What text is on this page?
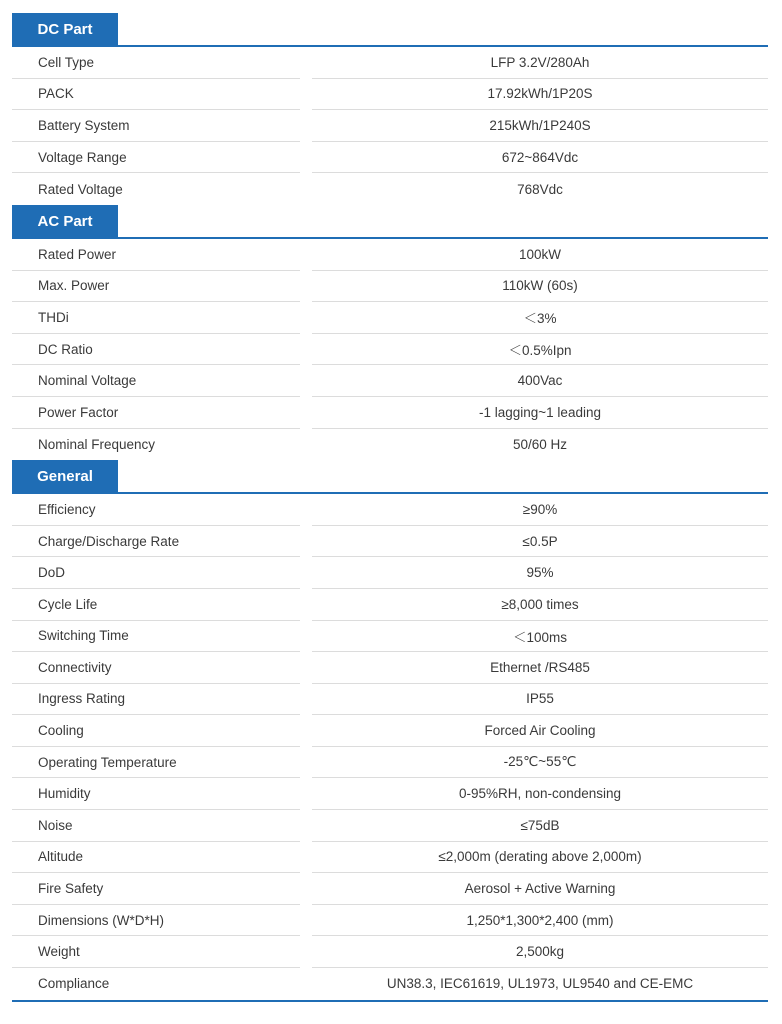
DC Part
Cell Type	LFP 3.2V/280Ah
PACK	17.92kWh/1P20S
Battery System	215kWh/1P240S
Voltage Range	672~864Vdc
Rated Voltage	768Vdc
AC Part
Rated Power	100kW
Max. Power	110kW (60s)
THDi	＜3%
DC Ratio	＜0.5%Ipn
Nominal Voltage	400Vac
Power Factor	-1 lagging~1 leading
Nominal Frequency	50/60 Hz
General
Efficiency	≥90%
Charge/Discharge Rate	≤0.5P
DoD	95%
Cycle Life	≥8,000 times
Switching Time	＜100ms
Connectivity	Ethernet /RS485
Ingress Rating	IP55
Cooling	Forced Air Cooling
Operating Temperature	-25℃~55℃
Humidity	0-95%RH, non-condensing
Noise	≤75dB
Altitude	≤2,000m (derating above 2,000m)
Fire Safety	Aerosol + Active Warning
Dimensions (W*D*H)	1,250*1,300*2,400 (mm)
Weight	2,500kg
Compliance	UN38.3, IEC61619, UL1973, UL9540 and CE-EMC
